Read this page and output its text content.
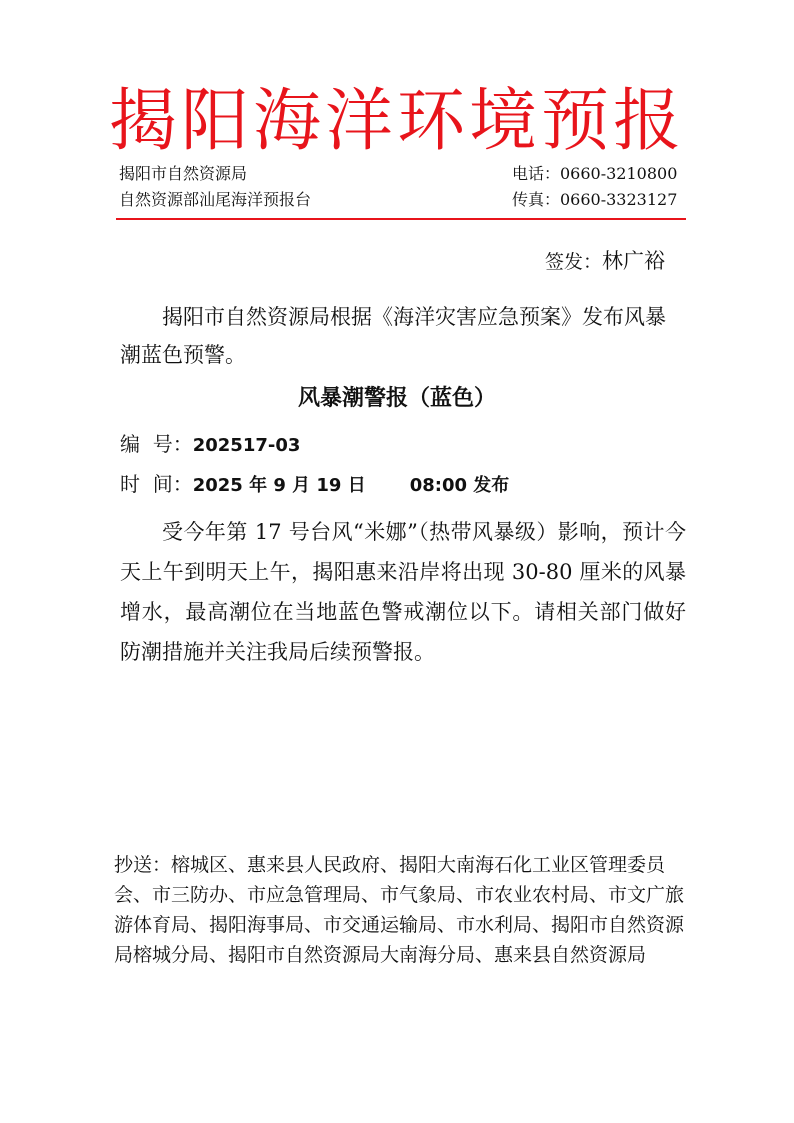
揭阳海洋环境预报
揭阳市自然资源局
自然资源部汕尾海洋预报台
电话：0660-3210800
传真：0660-3323127
签发：林广裕
揭阳市自然资源局根据《海洋灾害应急预案》发布风暴潮蓝色预警。
风暴潮警报（蓝色）
编  号：202517-03
时  间：2025 年 9 月 19 日 08:00 发布
受今年第 17 号台风“米娜”（热带风暴级）影响，预计今天上午到明天上午，揭阳惠来沿岸将出现 30-80 厘米的风暴增水，最高潮位在当地蓝色警戒潮位以下。请相关部门做好防潮措施并关注我局后续预警报。
抄送：榕城区、惠来县人民政府、揭阳大南海石化工业区管理委员会、市三防办、市应急管理局、市气象局、市农业农村局、市文广旅游体育局、揭阳海事局、市交通运输局、市水利局、揭阳市自然资源局榕城分局、揭阳市自然资源局大南海分局、惠来县自然资源局
